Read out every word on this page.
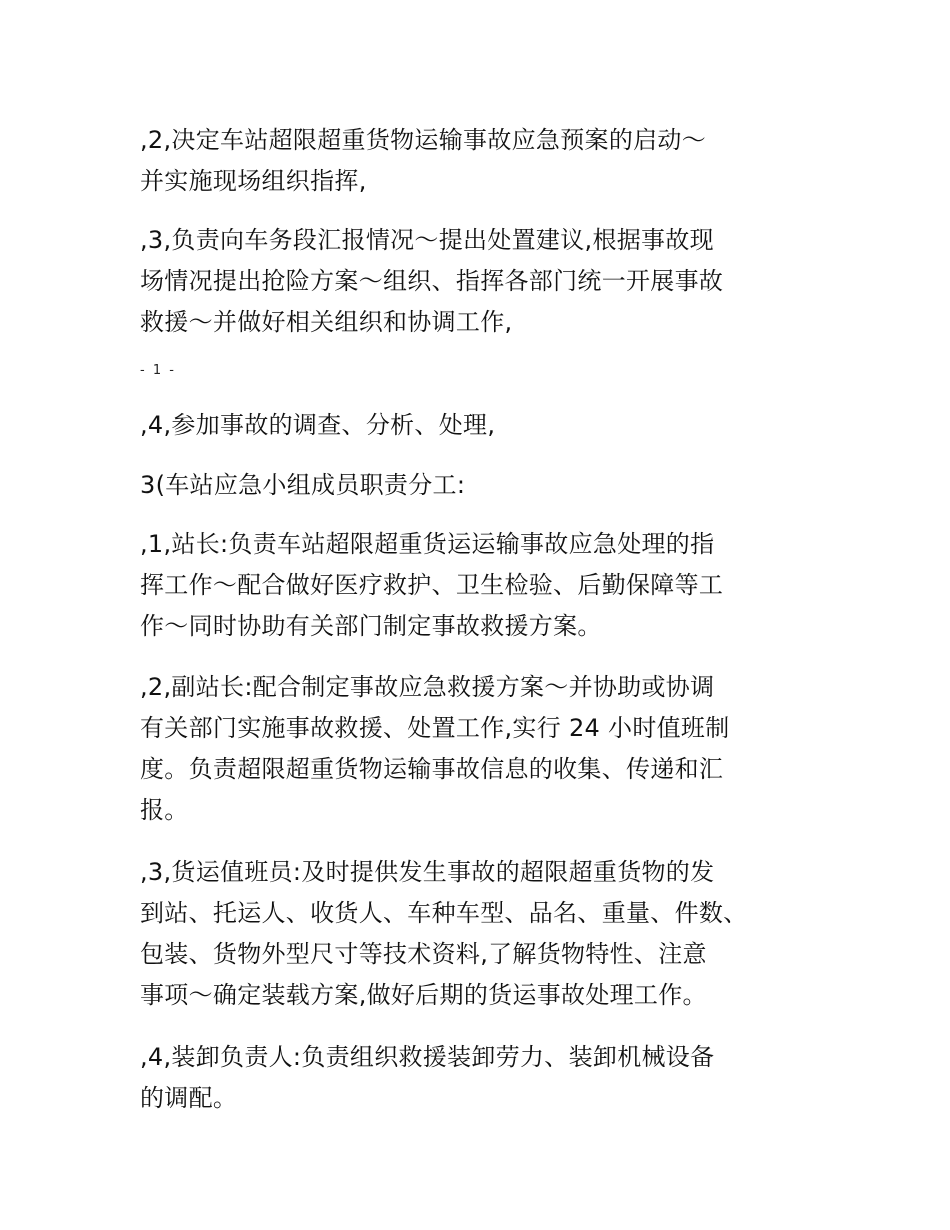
,2,决定车站超限超重货物运输事故应急预案的启动～
并实施现场组织指挥,

,3,负责向车务段汇报情况～提出处置建议,根据事故现
场情况提出抢险方案～组织、指挥各部门统一开展事故
救援～并做好相关组织和协调工作,

- 1 -

,4,参加事故的调查、分析、处理,

3(车站应急小组成员职责分工:

,1,站长:负责车站超限超重货运运输事故应急处理的指
挥工作～配合做好医疗救护、卫生检验、后勤保障等工
作～同时协助有关部门制定事故救援方案。

,2,副站长:配合制定事故应急救援方案～并协助或协调
有关部门实施事故救援、处置工作,实行 24 小时值班制
度。负责超限超重货物运输事故信息的收集、传递和汇
报。

,3,货运值班员:及时提供发生事故的超限超重货物的发
到站、托运人、收货人、车种车型、品名、重量、件数、
包装、货物外型尺寸等技术资料,了解货物特性、注意
事项～确定装载方案,做好后期的货运事故处理工作。

,4,装卸负责人:负责组织救援装卸劳力、装卸机械设备
的调配。
